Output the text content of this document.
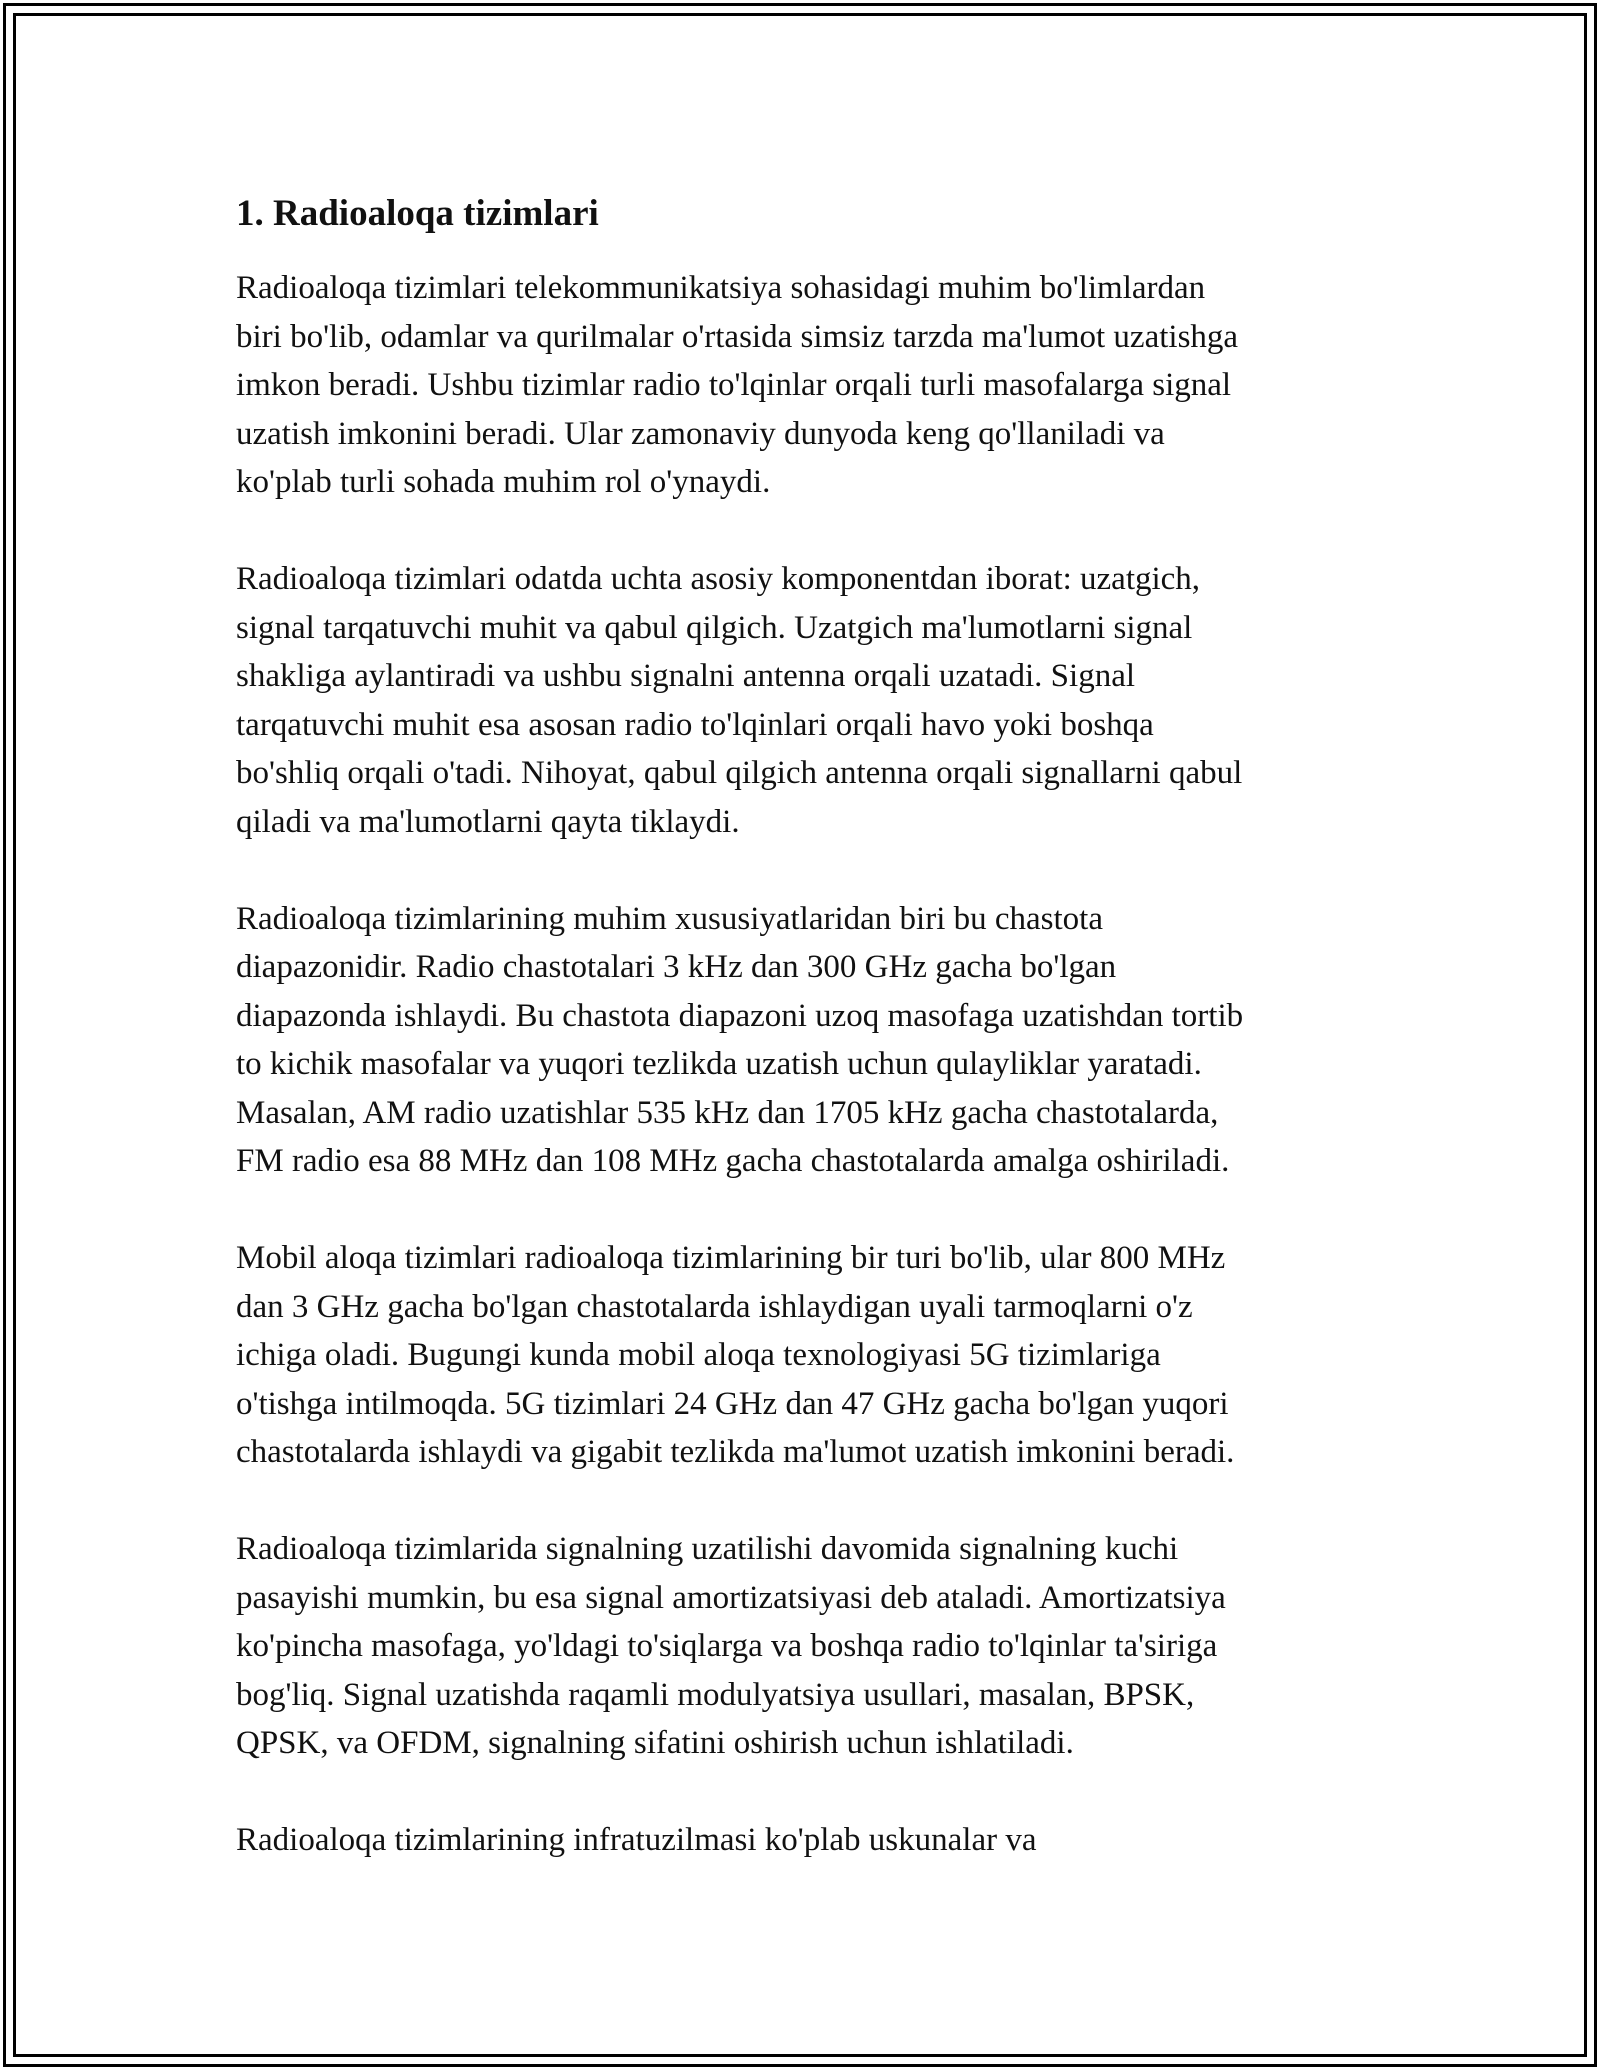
1. Radioaloqa tizimlari

Radioaloqa tizimlari telekommunikatsiya sohasidagi muhim bo'limlardan
biri bo'lib, odamlar va qurilmalar o'rtasida simsiz tarzda ma'lumot uzatishga
imkon beradi. Ushbu tizimlar radio to'lqinlar orqali turli masofalarga signal
uzatish imkonini beradi. Ular zamonaviy dunyoda keng qo'llaniladi va
ko'plab turli sohada muhim rol o'ynaydi.

Radioaloqa tizimlari odatda uchta asosiy komponentdan iborat: uzatgich,
signal tarqatuvchi muhit va qabul qilgich. Uzatgich ma'lumotlarni signal
shakliga aylantiradi va ushbu signalni antenna orqali uzatadi. Signal
tarqatuvchi muhit esa asosan radio to'lqinlari orqali havo yoki boshqa
bo'shliq orqali o'tadi. Nihoyat, qabul qilgich antenna orqali signallarni qabul
qiladi va ma'lumotlarni qayta tiklaydi.

Radioaloqa tizimlarining muhim xususiyatlaridan biri bu chastota
diapazonidir. Radio chastotalari 3 kHz dan 300 GHz gacha bo'lgan
diapazonda ishlaydi. Bu chastota diapazoni uzoq masofaga uzatishdan tortib
to kichik masofalar va yuqori tezlikda uzatish uchun qulayliklar yaratadi.
Masalan, AM radio uzatishlar 535 kHz dan 1705 kHz gacha chastotalarda,
FM radio esa 88 MHz dan 108 MHz gacha chastotalarda amalga oshiriladi.

Mobil aloqa tizimlari radioaloqa tizimlarining bir turi bo'lib, ular 800 MHz
dan 3 GHz gacha bo'lgan chastotalarda ishlaydigan uyali tarmoqlarni o'z
ichiga oladi. Bugungi kunda mobil aloqa texnologiyasi 5G tizimlariga
o'tishga intilmoqda. 5G tizimlari 24 GHz dan 47 GHz gacha bo'lgan yuqori
chastotalarda ishlaydi va gigabit tezlikda ma'lumot uzatish imkonini beradi.

Radioaloqa tizimlarida signalning uzatilishi davomida signalning kuchi
pasayishi mumkin, bu esa signal amortizatsiyasi deb ataladi. Amortizatsiya
ko'pincha masofaga, yo'ldagi to'siqlarga va boshqa radio to'lqinlar ta'siriga
bog'liq. Signal uzatishda raqamli modulyatsiya usullari, masalan, BPSK,
QPSK, va OFDM, signalning sifatini oshirish uchun ishlatiladi.

Radioaloqa tizimlarining infratuzilmasi ko'plab uskunalar va
